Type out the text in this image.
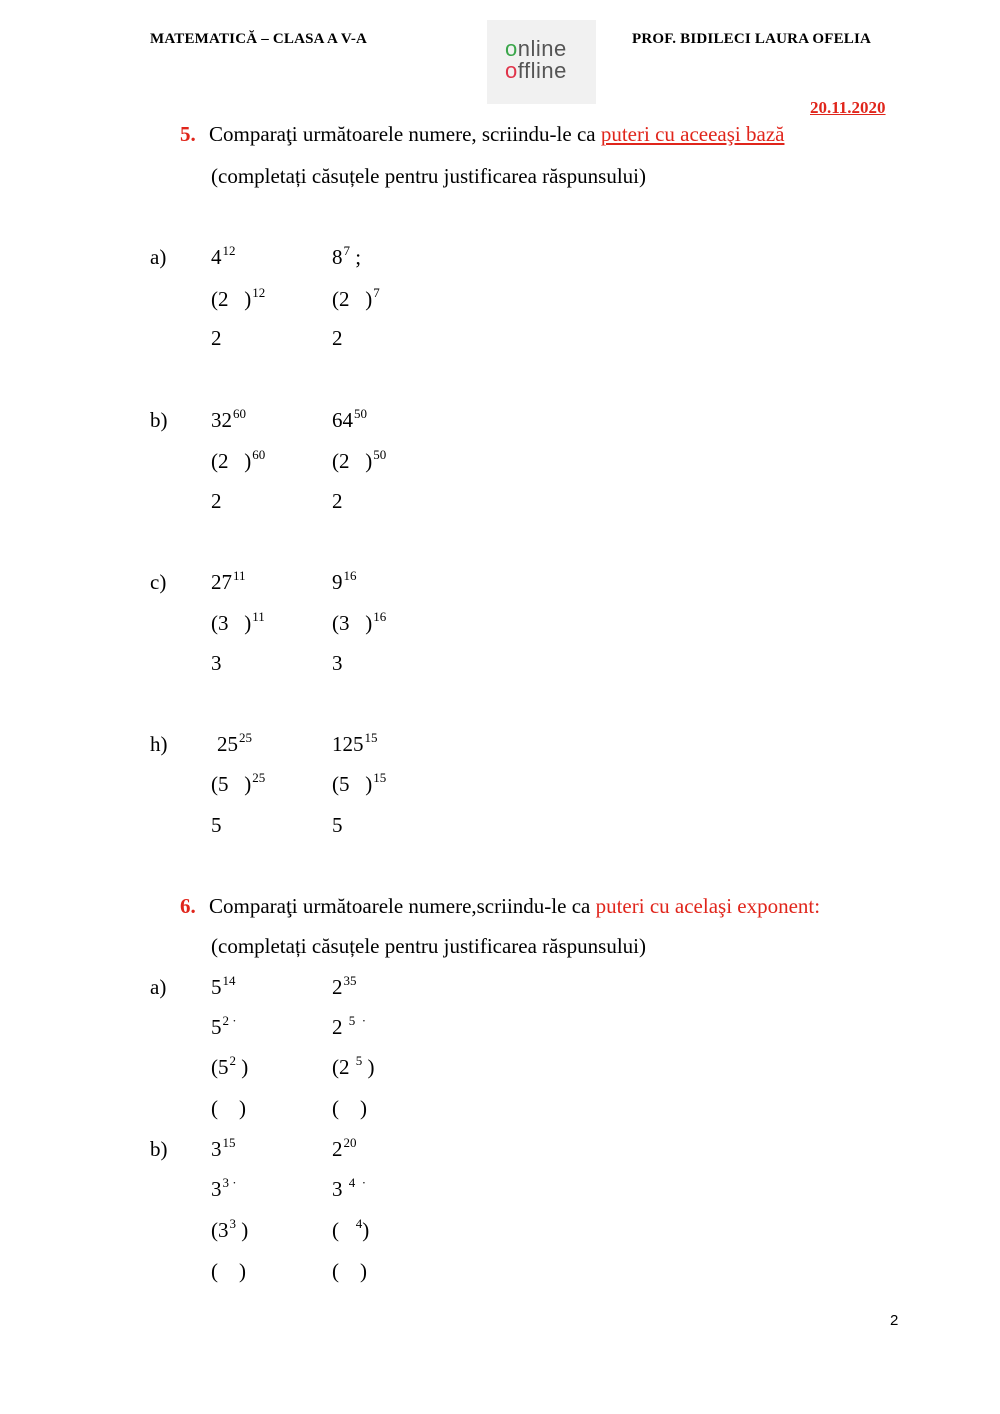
MATEMATICĂ – CLASA A V-A	PROF. BIDILECI LAURA OFELIA
online
offline
20.11.2020
5. Comparaţi următoarele numere, scriindu-le ca puteri cu aceeaşi bază
(completați căsuțele pentru justificarea răspunsului)
a) $4^{12}$	$8^7$ ;
(2   )$^{12}$	(2   )$^7$
2	2
b) $32^{60}$	$64^{50}$
(2   )$^{60}$	(2   )$^{50}$
2	2
c) $27^{11}$	$9^{16}$
(3   )$^{11}$	(3   )$^{16}$
3	3
h) $25^{25}$	$125^{15}$
(5   )$^{25}$	(5   )$^{15}$
5	5
6. Comparaţi următoarele numere,scriindu-le ca puteri cu acelaşi exponent:
(completați căsuțele pentru justificarea răspunsului)
a) $5^{14}$	$2^{35}$
$5^{2 \cdot}$	2 $^{5 \cdot}$
($5^2$ )	(2 $^5$ )
(    )	(    )
b) $3^{15}$	$2^{20}$
$3^{3 \cdot}$	3 $^{4 \cdot}$
($3^3$ )	(   $^4$)
(    )	(    )
2
